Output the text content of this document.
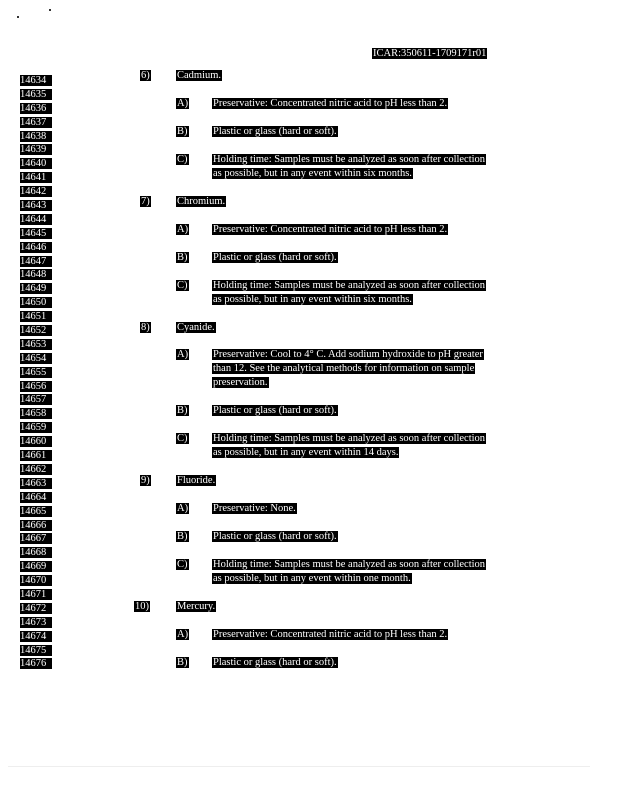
ICAR:350611-1709171r01
14634
14635
14636
14637
14638
14639
14640
14641
14642
14643
14644
14645
14646
14647
14648
14649
14650
14651
14652
14653
14654
14655
14656
14657
14658
14659
14660
14661
14662
14663
14664
14665
14666
14667
14668
14669
14670
14671
14672
14673
14674
14675
14676
6)	Cadmium.
A) Preservative: Concentrated nitric acid to pH less than 2.
B) Plastic or glass (hard or soft).
C) Holding time: Samples must be analyzed as soon after collection
as possible, but in any event within six months.
7)	Chromium.
A) Preservative: Concentrated nitric acid to pH less than 2.
B) Plastic or glass (hard or soft).
C) Holding time: Samples must be analyzed as soon after collection
as possible, but in any event within six months.
8)	Cyanide.
A) Preservative: Cool to 4° C. Add sodium hydroxide to pH greater
than 12. See the analytical methods for information on sample
preservation.
B) Plastic or glass (hard or soft).
C) Holding time: Samples must be analyzed as soon after collection
as possible, but in any event within 14 days.
9)	Fluoride.
A) Preservative: None.
B) Plastic or glass (hard or soft).
C) Holding time: Samples must be analyzed as soon after collection
as possible, but in any event within one month.
10)	Mercury.
A) Preservative: Concentrated nitric acid to pH less than 2.
B) Plastic or glass (hard or soft).
